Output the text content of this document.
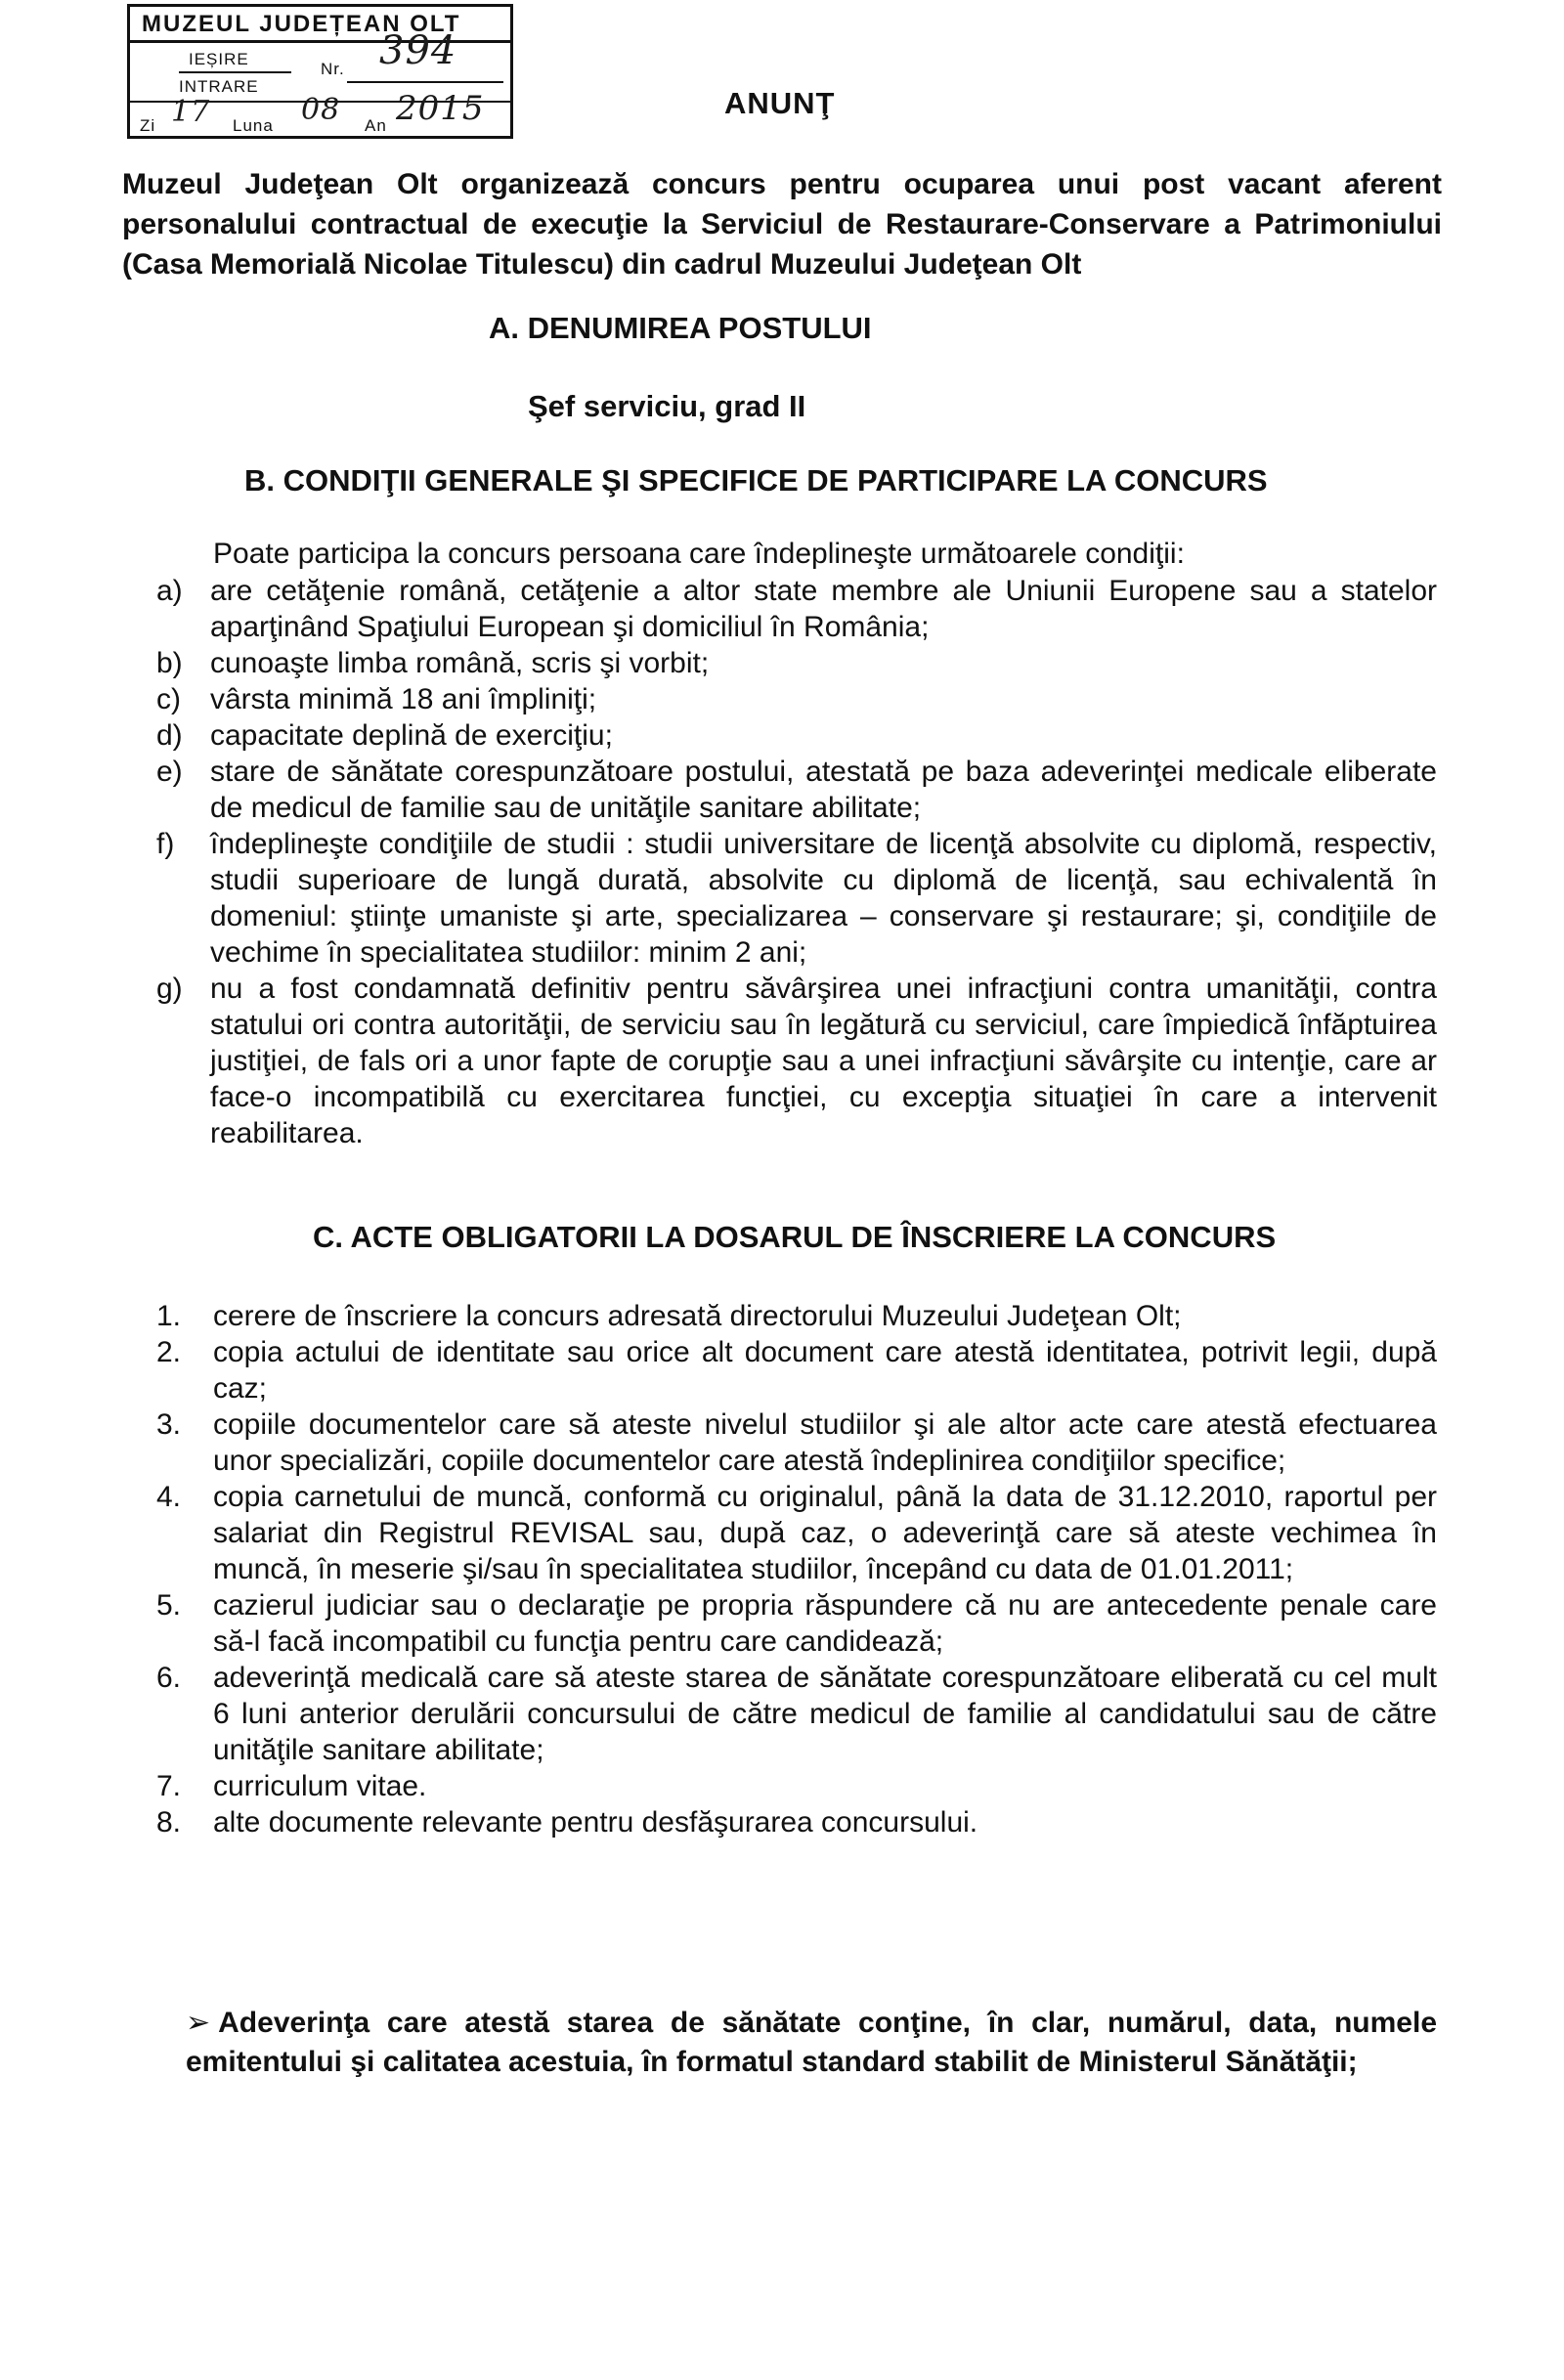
MUZEUL JUDEȚEAN OLT
IEȘIRE
INTRARE
Nr. 394
Zi 17 Luna 08 An 2015	ANUNŢ
Muzeul Judeţean Olt organizează concurs pentru ocuparea unui post vacant aferent personalului contractual de execuţie la Serviciul de Restaurare-Conservare a Patrimoniului (Casa Memorială Nicolae Titulescu) din cadrul Muzeului Judeţean Olt
A. DENUMIREA POSTULUI
Şef serviciu, grad II
B. CONDIŢII GENERALE ŞI SPECIFICE DE PARTICIPARE LA CONCURS
Poate participa la concurs persoana care îndeplineşte următoarele condiţii:
a) are cetăţenie română, cetăţenie a altor state membre ale Uniunii Europene sau a statelor aparţinând Spaţiului European şi domiciliul în România;
b) cunoaşte limba română, scris şi vorbit;
c)	vârsta minimă 18 ani împliniţi;
d) capacitate deplină de exerciţiu;
e) stare de sănătate corespunzătoare postului, atestată pe baza adeverinţei medicale eliberate de medicul de familie sau de unităţile sanitare abilitate;
f)	îndeplineşte condiţiile de studii : studii universitare de licenţă absolvite cu diplomă, respectiv, studii superioare de lungă durată, absolvite cu diplomă de licenţă, sau echivalentă în domeniul: ştiinţe umaniste şi arte, specializarea – conservare şi restaurare; şi, condiţiile de vechime în specialitatea studiilor: minim 2 ani;
g) nu a fost condamnată definitiv pentru săvârşirea unei infracţiuni contra umanităţii, contra statului ori contra autorităţii, de serviciu sau în legătură cu serviciul, care împiedică înfăptuirea justiţiei, de fals ori a unor fapte de corupţie sau a unei infracţiuni săvârşite cu intenţie, care ar face-o incompatibilă cu exercitarea funcţiei, cu excepţia situaţiei în care a intervenit reabilitarea.
C. ACTE OBLIGATORII LA DOSARUL DE ÎNSCRIERE LA CONCURS
1.	cerere de înscriere la concurs adresată directorului Muzeului Judeţean Olt;
2.	copia actului de identitate sau orice alt document care atestă identitatea, potrivit legii, după caz;
3.	copiile documentelor care să ateste nivelul studiilor şi ale altor acte care atestă efectuarea unor specializări, copiile documentelor care atestă îndeplinirea condiţiilor specifice;
4.	copia carnetului de muncă, conformă cu originalul, până la data de 31.12.2010, raportul per salariat din Registrul REVISAL sau, după caz, o adeverinţă care să ateste vechimea în muncă, în meserie şi/sau în specialitatea studiilor, începând cu data de 01.01.2011;
5.	cazierul judiciar sau o declaraţie pe propria răspundere că nu are antecedente penale care să-l facă incompatibil cu funcţia pentru care candidează;
6.	adeverinţă medicală care să ateste starea de sănătate corespunzătoare eliberată cu cel mult 6 luni anterior derulării concursului de către medicul de familie al candidatului sau de către unităţile sanitare abilitate;
7.	curriculum vitae.
8.	alte documente relevante pentru desfăşurarea concursului.
➢ Adeverinţa care atestă starea de sănătate conţine, în clar, numărul, data, numele emitentului şi calitatea acestuia, în formatul standard stabilit de Ministerul Sănătăţii;
